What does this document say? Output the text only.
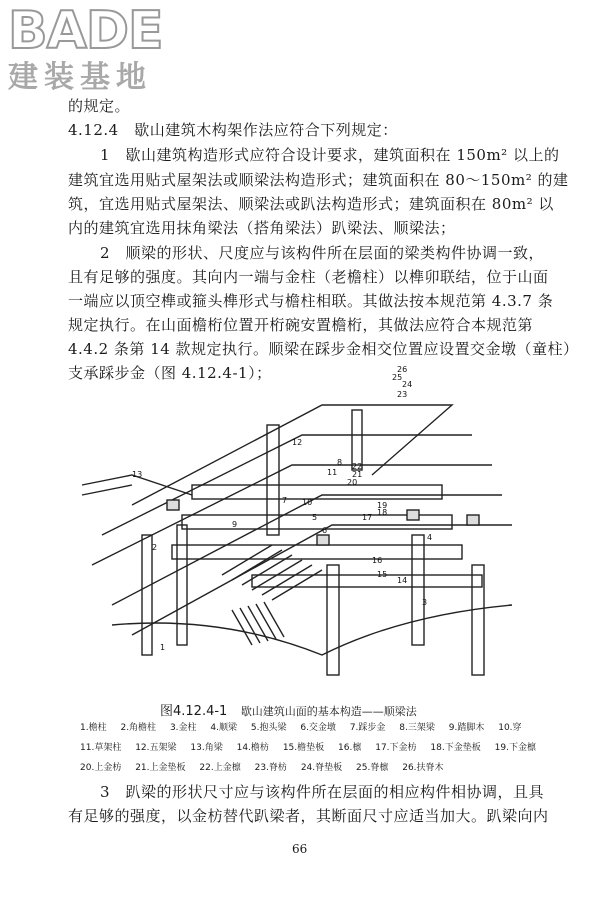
BADE
建装基地
的规定。
4.12.4　歇山建筑木构架作法应符合下列规定：
1　歇山建筑构造形式应符合设计要求，建筑面积在 150m² 以上的
建筑宜选用贴式屋架法或顺梁法构造形式；建筑面积在 80～150m² 的建
筑，宜选用贴式屋架法、顺梁法或趴法构造形式；建筑面积在 80m² 以
内的建筑宜选用抹角梁法（搭角梁法）趴梁法、顺梁法；
2　顺梁的形状、尺度应与该构件所在层面的梁类构件协调一致，
且有足够的强度。其向内一端与金柱（老檐柱）以榫卯联结，位于山面
一端应以顶空榫或箍头榫形式与檐柱相联。其做法按本规范第 4.3.7 条
规定执行。在山面檐桁位置开桁碗安置檐桁，其做法应符合本规范第
4.4.2 条第 14 款规定执行。顺梁在踩步金相交位置应设置交金墩（童柱）
支承踩步金（图 4.12.4-1）；
1
2
3
4
5
6
7
8
9
10
11
12
13
14
15
16
17
18
19
20
21
22
23
24
25
26
图4.12.4-1 歇山建筑山面的基本构造——顺梁法
1.檐柱 2.角檐柱 3.金柱 4.顺梁 5.抱头梁 6.交金墩 7.踩步金 8.三架梁 9.踏脚木 10.穿
11.草架柱 12.五架梁 13.角梁 14.檐枋 15.檐垫板 16.檩 17.下金枋 18.下金垫板 19.下金檩
20.上金枋 21.上金垫板 22.上金檩 23.脊枋 24.脊垫板 25.脊檩 26.扶脊木
3　趴梁的形状尺寸应与该构件所在层面的相应构件相协调，且具
有足够的强度，以金枋替代趴梁者，其断面尺寸应适当加大。趴梁向内
66
